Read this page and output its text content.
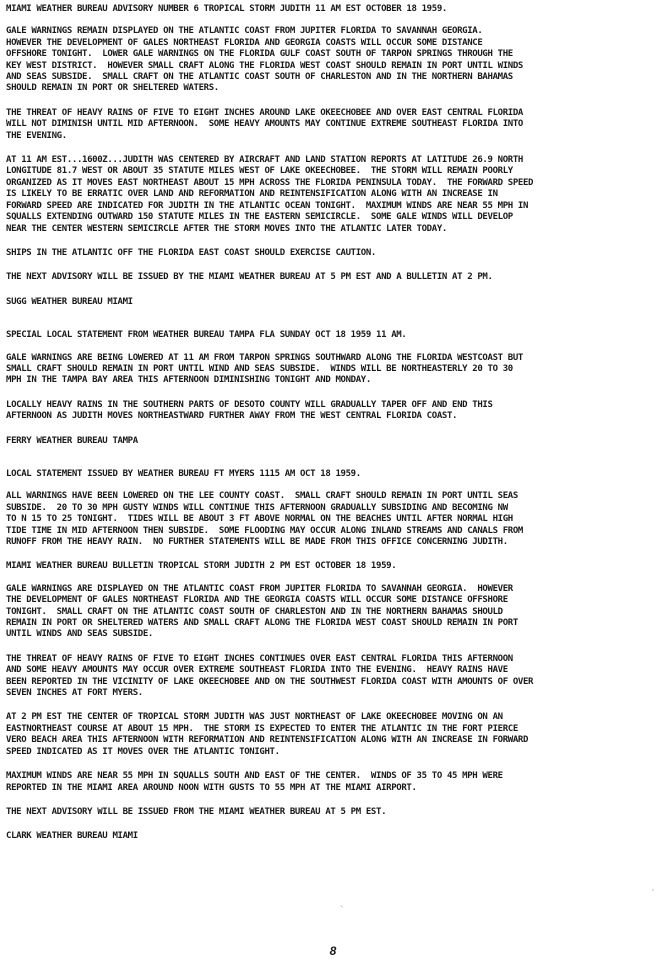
MIAMI WEATHER BUREAU ADVISORY NUMBER 6 TROPICAL STORM JUDITH 11 AM EST OCTOBER 18 1959.

GALE WARNINGS REMAIN DISPLAYED ON THE ATLANTIC COAST FROM JUPITER FLORIDA TO SAVANNAH GEORGIA.
HOWEVER THE DEVELOPMENT OF GALES NORTHEAST FLORIDA AND GEORGIA COASTS WILL OCCUR SOME DISTANCE
OFFSHORE TONIGHT.  LOWER GALE WARNINGS ON THE FLORIDA GULF COAST SOUTH OF TARPON SPRINGS THROUGH THE
KEY WEST DISTRICT.  HOWEVER SMALL CRAFT ALONG THE FLORIDA WEST COAST SHOULD REMAIN IN PORT UNTIL WINDS
AND SEAS SUBSIDE.  SMALL CRAFT ON THE ATLANTIC COAST SOUTH OF CHARLESTON AND IN THE NORTHERN BAHAMAS
SHOULD REMAIN IN PORT OR SHELTERED WATERS.

THE THREAT OF HEAVY RAINS OF FIVE TO EIGHT INCHES AROUND LAKE OKEECHOBEE AND OVER EAST CENTRAL FLORIDA
WILL NOT DIMINISH UNTIL MID AFTERNOON.  SOME HEAVY AMOUNTS MAY CONTINUE EXTREME SOUTHEAST FLORIDA INTO
THE EVENING.

AT 11 AM EST...1600Z...JUDITH WAS CENTERED BY AIRCRAFT AND LAND STATION REPORTS AT LATITUDE 26.9 NORTH
LONGITUDE 81.7 WEST OR ABOUT 35 STATUTE MILES WEST OF LAKE OKEECHOBEE.  THE STORM WILL REMAIN POORLY
ORGANIZED AS IT MOVES EAST NORTHEAST ABOUT 15 MPH ACROSS THE FLORIDA PENINSULA TODAY.  THE FORWARD SPEED
IS LIKELY TO BE ERRATIC OVER LAND AND REFORMATION AND REINTENSIFICATION ALONG WITH AN INCREASE IN
FORWARD SPEED ARE INDICATED FOR JUDITH IN THE ATLANTIC OCEAN TONIGHT.  MAXIMUM WINDS ARE NEAR 55 MPH IN
SQUALLS EXTENDING OUTWARD 150 STATUTE MILES IN THE EASTERN SEMICIRCLE.  SOME GALE WINDS WILL DEVELOP
NEAR THE CENTER WESTERN SEMICIRCLE AFTER THE STORM MOVES INTO THE ATLANTIC LATER TODAY.

SHIPS IN THE ATLANTIC OFF THE FLORIDA EAST COAST SHOULD EXERCISE CAUTION.

THE NEXT ADVISORY WILL BE ISSUED BY THE MIAMI WEATHER BUREAU AT 5 PM EST AND A BULLETIN AT 2 PM.

SUGG WEATHER BUREAU MIAMI

SPECIAL LOCAL STATEMENT FROM WEATHER BUREAU TAMPA FLA SUNDAY OCT 18 1959 11 AM.

GALE WARNINGS ARE BEING LOWERED AT 11 AM FROM TARPON SPRINGS SOUTHWARD ALONG THE FLORIDA WESTCOAST BUT
SMALL CRAFT SHOULD REMAIN IN PORT UNTIL WIND AND SEAS SUBSIDE.  WINDS WILL BE NORTHEASTERLY 20 TO 30
MPH IN THE TAMPA BAY AREA THIS AFTERNOON DIMINISHING TONIGHT AND MONDAY.

LOCALLY HEAVY RAINS IN THE SOUTHERN PARTS OF DESOTO COUNTY WILL GRADUALLY TAPER OFF AND END THIS
AFTERNOON AS JUDITH MOVES NORTHEASTWARD FURTHER AWAY FROM THE WEST CENTRAL FLORIDA COAST.

FERRY WEATHER BUREAU TAMPA

LOCAL STATEMENT ISSUED BY WEATHER BUREAU FT MYERS 1115 AM OCT 18 1959.

ALL WARNINGS HAVE BEEN LOWERED ON THE LEE COUNTY COAST.  SMALL CRAFT SHOULD REMAIN IN PORT UNTIL SEAS
SUBSIDE.  20 TO 30 MPH GUSTY WINDS WILL CONTINUE THIS AFTERNOON GRADUALLY SUBSIDING AND BECOMING NW
TO N 15 TO 25 TONIGHT.  TIDES WILL BE ABOUT 3 FT ABOVE NORMAL ON THE BEACHES UNTIL AFTER NORMAL HIGH
TIDE TIME IN MID AFTERNOON THEN SUBSIDE.  SOME FLOODING MAY OCCUR ALONG INLAND STREAMS AND CANALS FROM
RUNOFF FROM THE HEAVY RAIN.  NO FURTHER STATEMENTS WILL BE MADE FROM THIS OFFICE CONCERNING JUDITH.

MIAMI WEATHER BUREAU BULLETIN TROPICAL STORM JUDITH 2 PM EST OCTOBER 18 1959.

GALE WARNINGS ARE DISPLAYED ON THE ATLANTIC COAST FROM JUPITER FLORIDA TO SAVANNAH GEORGIA.  HOWEVER
THE DEVELOPMENT OF GALES NORTHEAST FLORIDA AND THE GEORGIA COASTS WILL OCCUR SOME DISTANCE OFFSHORE
TONIGHT.  SMALL CRAFT ON THE ATLANTIC COAST SOUTH OF CHARLESTON AND IN THE NORTHERN BAHAMAS SHOULD
REMAIN IN PORT OR SHELTERED WATERS AND SMALL CRAFT ALONG THE FLORIDA WEST COAST SHOULD REMAIN IN PORT
UNTIL WINDS AND SEAS SUBSIDE.

THE THREAT OF HEAVY RAINS OF FIVE TO EIGHT INCHES CONTINUES OVER EAST CENTRAL FLORIDA THIS AFTERNOON
AND SOME HEAVY AMOUNTS MAY OCCUR OVER EXTREME SOUTHEAST FLORIDA INTO THE EVENING.  HEAVY RAINS HAVE
BEEN REPORTED IN THE VICINITY OF LAKE OKEECHOBEE AND ON THE SOUTHWEST FLORIDA COAST WITH AMOUNTS OF OVER
SEVEN INCHES AT FORT MYERS.

AT 2 PM EST THE CENTER OF TROPICAL STORM JUDITH WAS JUST NORTHEAST OF LAKE OKEECHOBEE MOVING ON AN
EASTNORTHEAST COURSE AT ABOUT 15 MPH.  THE STORM IS EXPECTED TO ENTER THE ATLANTIC IN THE FORT PIERCE
VERO BEACH AREA THIS AFTERNOON WITH REFORMATION AND REINTENSIFICATION ALONG WITH AN INCREASE IN FORWARD
SPEED INDICATED AS IT MOVES OVER THE ATLANTIC TONIGHT.

MAXIMUM WINDS ARE NEAR 55 MPH IN SQUALLS SOUTH AND EAST OF THE CENTER.  WINDS OF 35 TO 45 MPH WERE
REPORTED IN THE MIAMI AREA AROUND NOON WITH GUSTS TO 55 MPH AT THE MIAMI AIRPORT.

THE NEXT ADVISORY WILL BE ISSUED FROM THE MIAMI WEATHER BUREAU AT 5 PM EST.

CLARK WEATHER BUREAU MIAMI

⸌
'
8
